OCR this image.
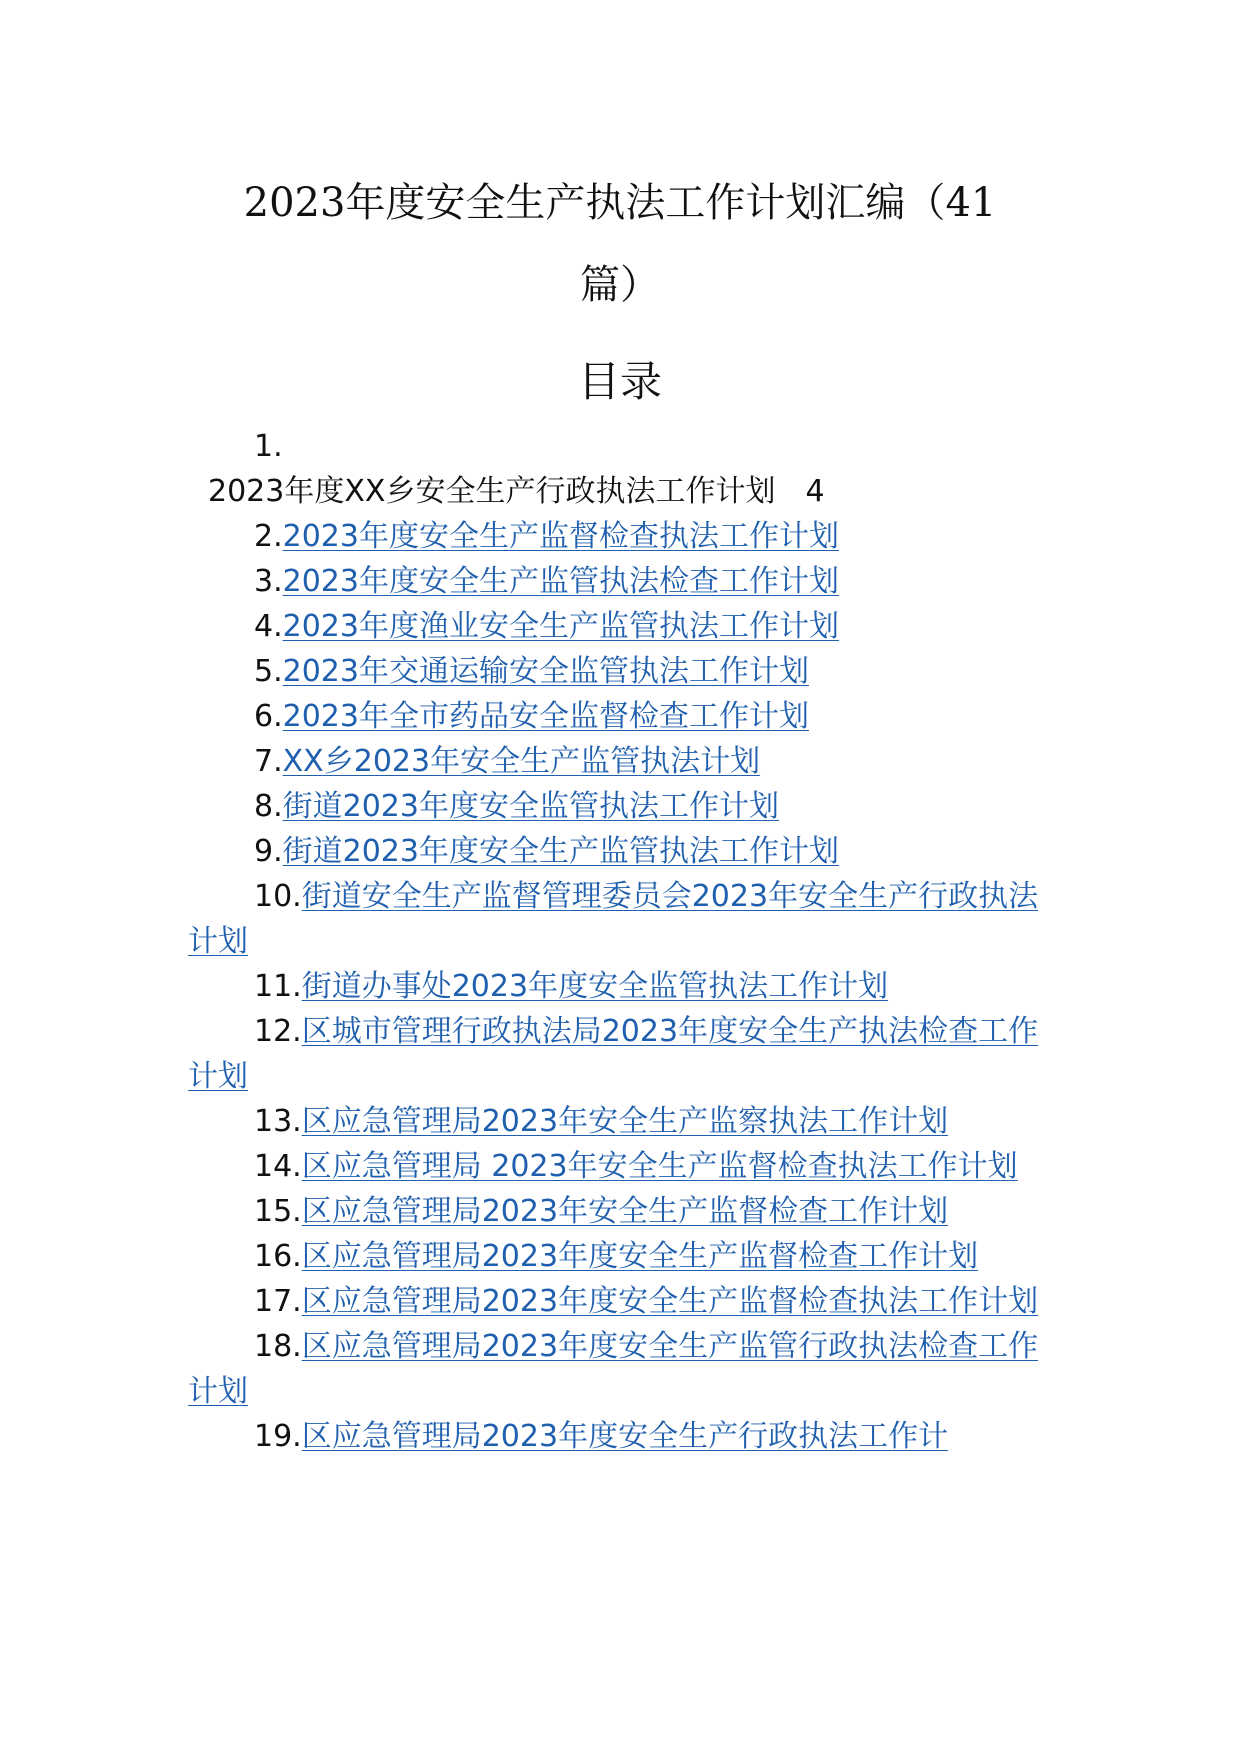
2023年度安全生产执法工作计划汇编（41
篇）
目录
1.
2023年度XX乡安全生产行政执法工作计划 4
2.2023年度安全生产监督检查执法工作计划
3.2023年度安全生产监管执法检查工作计划
4.2023年度渔业安全生产监管执法工作计划
5.2023年交通运输安全监管执法工作计划
6.2023年全市药品安全监督检查工作计划
7.XX乡2023年安全生产监管执法计划
8.街道2023年度安全监管执法工作计划
9.街道2023年度安全生产监管执法工作计划
10.街道安全生产监督管理委员会2023年安全生产行政执法计划
11.街道办事处2023年度安全监管执法工作计划
12.区城市管理行政执法局2023年度安全生产执法检查工作计划
13.区应急管理局2023年安全生产监察执法工作计划
14.区应急管理局 2023年安全生产监督检查执法工作计划
15.区应急管理局2023年安全生产监督检查工作计划
16.区应急管理局2023年度安全生产监督检查工作计划
17.区应急管理局2023年度安全生产监督检查执法工作计划
18.区应急管理局2023年度安全生产监管行政执法检查工作计划
19.区应急管理局2023年度安全生产行政执法工作计
